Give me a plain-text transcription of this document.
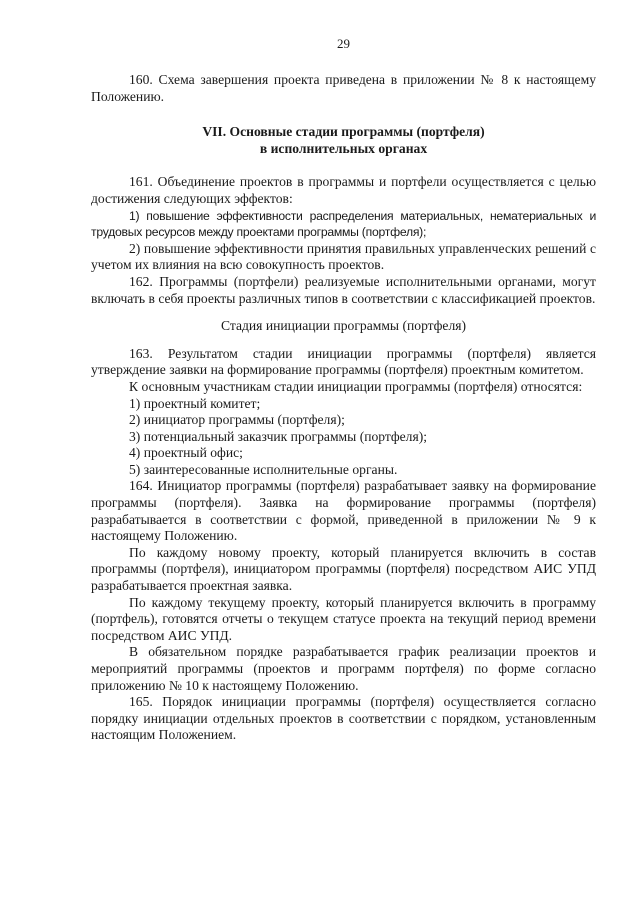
29

160. Схема завершения проекта приведена в приложении № 8 к настоящему Положению.

VII. Основные стадии программы (портфеля)
в исполнительных органах

161. Объединение проектов в программы и портфели осуществляется с целью достижения следующих эффектов:

1) повышение эффективности распределения материальных, нематериальных и трудовых ресурсов между проектами программы (портфеля);

2) повышение эффективности принятия правильных управленческих решений с учетом их влияния на всю совокупность проектов.

162. Программы (портфели) реализуемые исполнительными органами, могут включать в себя проекты различных типов в соответствии с классификацией проектов.

Стадия инициации программы (портфеля)

163. Результатом стадии инициации программы (портфеля) является утверждение заявки на формирование программы (портфеля) проектным комитетом.

К основным участникам стадии инициации программы (портфеля) относятся:

1) проектный комитет;

2) инициатор программы (портфеля);

3) потенциальный заказчик программы (портфеля);

4) проектный офис;

5) заинтересованные исполнительные органы.

164. Инициатор программы (портфеля) разрабатывает заявку на формирование программы (портфеля). Заявка на формирование программы (портфеля) разрабатывается в соответствии с формой, приведенной в приложении № 9 к настоящему Положению.

По каждому новому проекту, который планируется включить в состав программы (портфеля), инициатором программы (портфеля) посредством АИС УПД разрабатывается проектная заявка.

По каждому текущему проекту, который планируется включить в программу (портфель), готовятся отчеты о текущем статусе проекта на текущий период времени посредством АИС УПД.

В обязательном порядке разрабатывается график реализации проектов и мероприятий программы (проектов и программ портфеля) по форме согласно приложению № 10 к настоящему Положению.

165. Порядок инициации программы (портфеля) осуществляется согласно порядку инициации отдельных проектов в соответствии с порядком, установленным настоящим Положением.
